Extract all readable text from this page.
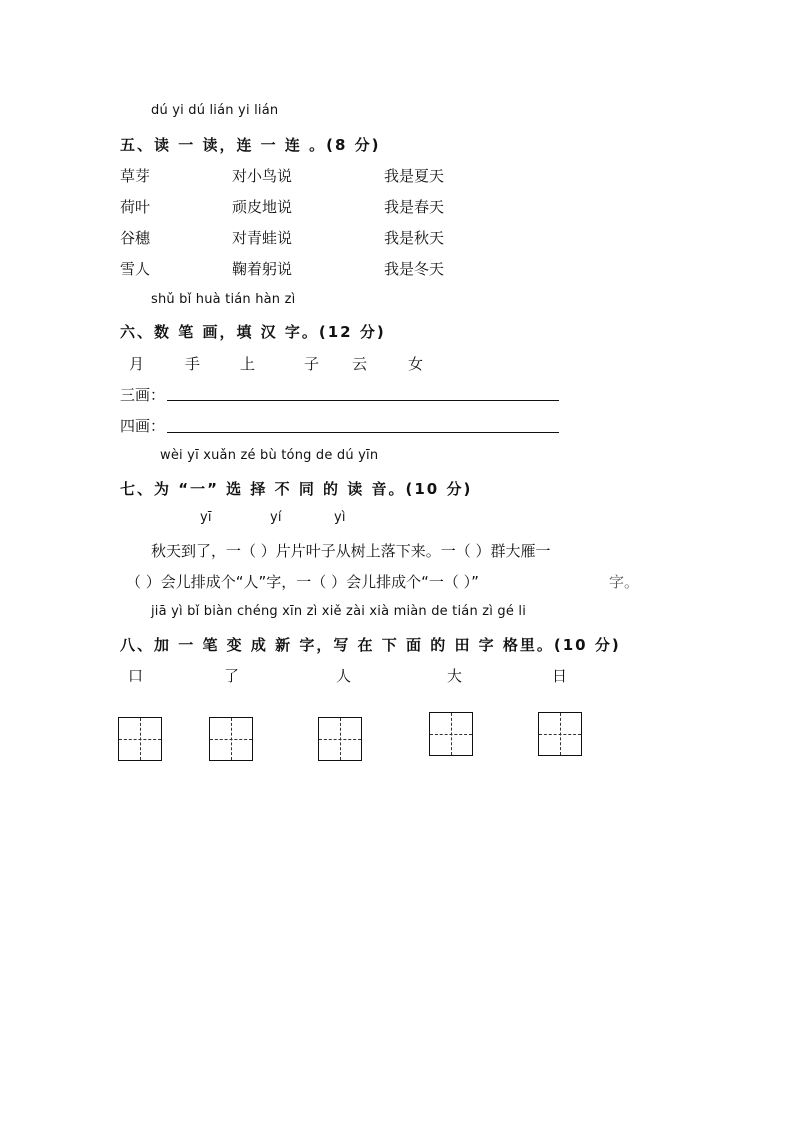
dú yi dú lián yi lián
五、读 一 读，连 一 连 。(8 分)
草芽	对小鸟说	我是夏天
荷叶	顽皮地说	我是春天
谷穗	对青蛙说	我是秋天
雪人	鞠着躬说	我是冬天
shǔ bǐ huà tián hàn zì
六、数 笔 画，填 汉 字。(12 分)
月	手	上	子 云	女
三画：
四画：
wèi yī xuǎn zé bù tóng de dú yīn
七、为 “一” 选 择 不 同 的 读 音。(10 分)
yī	yí	yì
秋天到了，一（ ）片片叶子从树上落下来。一（ ）群大雁一
（ ）会儿排成个“人”字，一（ ）会儿排成个“一（ ）”	字。
jiā yì bǐ biàn chéng xīn zì xiě zài xià miàn de tián zì gé li
八、加 一 笔 变 成 新 字，写 在 下 面 的 田 字 格里。(10 分)
口	了	人	大	日
